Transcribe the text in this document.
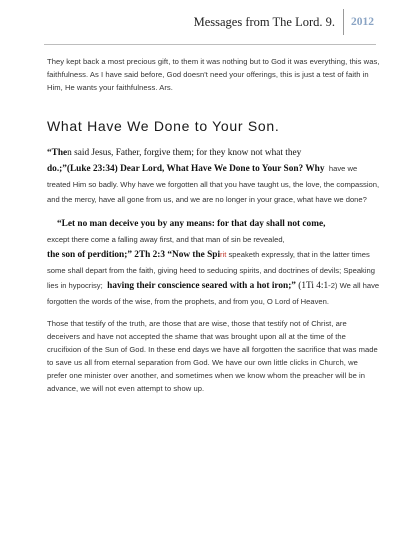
Messages from The Lord. 9.	2012
They kept back a most precious gift, to them it was nothing but to God it was everything, this was, faithfulness. As I have said before, God doesn't need your offerings, this is just a test of faith in Him, He wants your faithfulness. Ars.
What Have We Done to Your Son.
“Then said Jesus, Father, forgive them; for they know not what they
do.;”(Luke 23:34) Dear Lord, What Have We Done to Your Son? Why have we treated Him so badly. Why have we forgotten all that you have taught us, the love, the compassion, and the mercy, have all gone from us, and we are no longer in your grace, what have we done?
“Let no man deceive you by any means: for that day shall not come,
except there come a falling away first, and that man of sin be revealed,
the son of perdition;” 2Th 2:3 “Now the Spirit speaketh expressly, that in the latter times some shall depart from the faith, giving heed to seducing spirits, and doctrines of devils; Speaking lies in hypocrisy; having their conscience seared with a hot iron;” (1Ti 4:1-2) We all have forgotten the words of the wise, from the prophets, and from you, O Lord of Heaven.
Those that testify of the truth, are those that are wise, those that testify not of Christ, are deceivers and have not accepted the shame that was brought upon all at the time of the crucifixion of the Sun of God. In these end days we have all forgotten the sacrifice that was made to save us all from eternal separation from God. We have our own little clicks in Church, we prefer one minister over another, and sometimes when we know whom the preacher will be in advance, we will not even attempt to show up.
